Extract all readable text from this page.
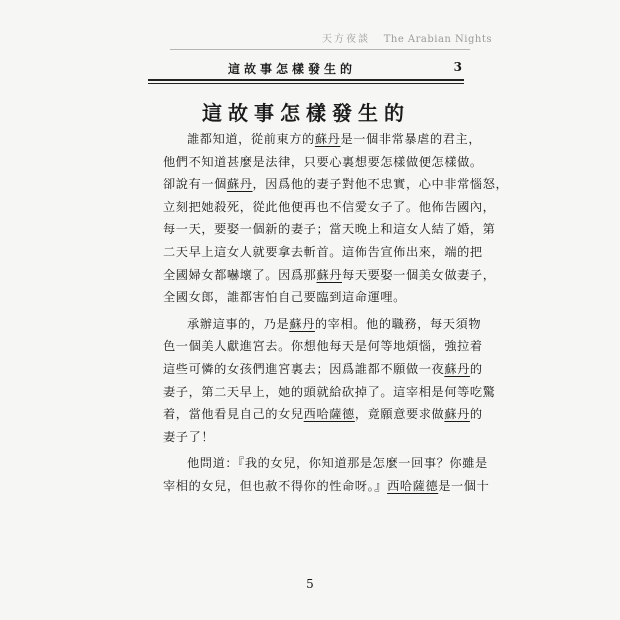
天方夜談 The Arabian Nights
這故事怎樣發生的	3
這故事怎樣發生的
誰都知道，從前東方的蘇丹是一個非常暴虐的君主，
他們不知道甚麼是法律，只要心裏想要怎樣做便怎樣做。
卻說有一個蘇丹，因爲他的妻子對他不忠實，心中非常惱怒，
立刻把她殺死，從此他便再也不信愛女子了。他佈告國內，
每一天，要娶一個新的妻子；當天晚上和這女人結了婚，第
二天早上這女人就要拿去斬首。這佈告宣佈出來，端的把
全國婦女都嚇壞了。因爲那蘇丹每天要娶一個美女做妻子，
全國女郎，誰都害怕自己要臨到這命運哩。
承辦這事的，乃是蘇丹的宰相。他的職務，每天須物
色一個美人獻進宮去。你想他每天是何等地煩惱，強拉着
這些可憐的女孩們進宮裏去；因爲誰都不願做一夜蘇丹的
妻子，第二天早上，她的頭就給砍掉了。這宰相是何等吃驚
着，當他看見自己的女兒西哈薩德，竟願意要求做蘇丹的
妻子了！
他問道：『我的女兒，你知道那是怎麼一回事？你雖是
宰相的女兒，但也赦不得你的性命呀。』西哈薩德是一個十
5
